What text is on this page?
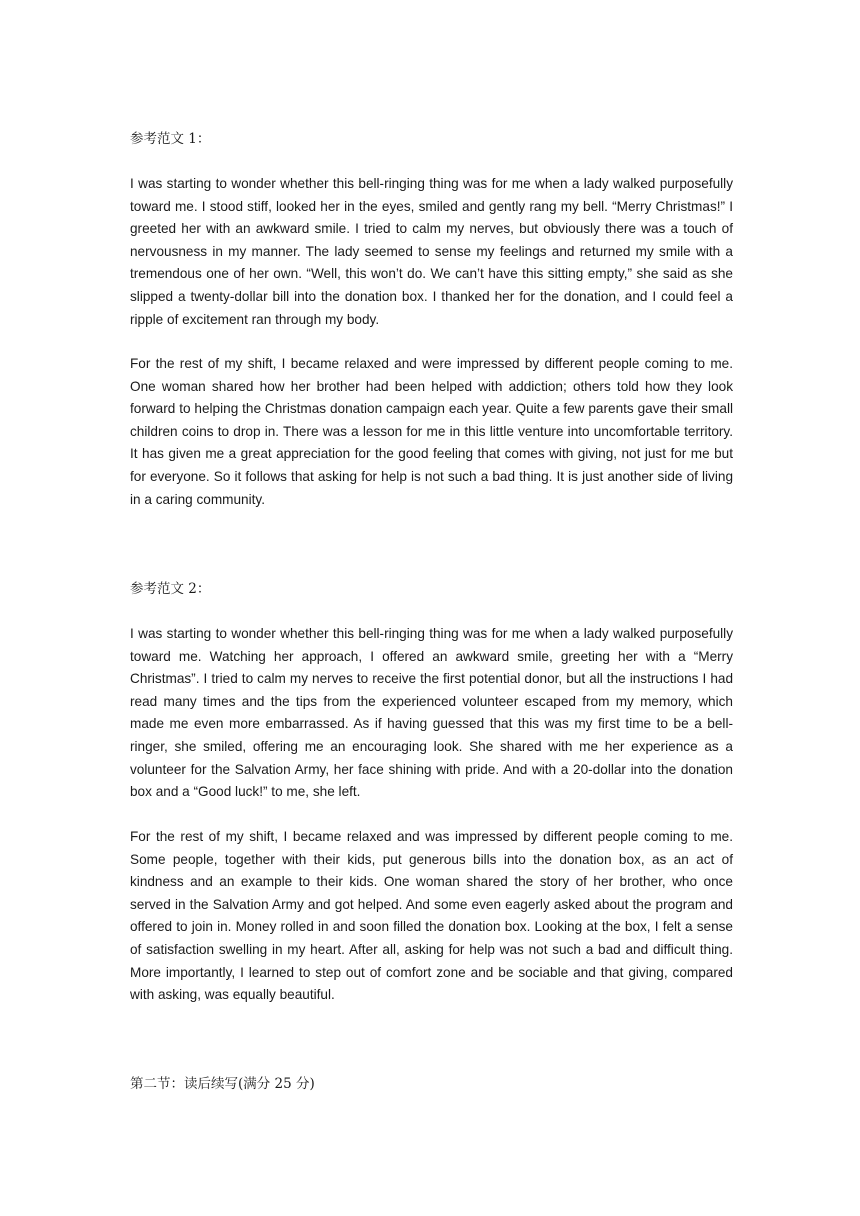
参考范文 1：

I was starting to wonder whether this bell-ringing thing was for me when a lady walked purposefully toward me. I stood stiff, looked her in the eyes, smiled and gently rang my bell. “Merry Christmas!” I greeted her with an awkward smile. I tried to calm my nerves, but obviously there was a touch of nervousness in my manner. The lady seemed to sense my feelings and returned my smile with a tremendous one of her own. “Well, this won’t do. We can’t have this sitting empty,” she said as she slipped a twenty-dollar bill into the donation box. I thanked her for the donation, and I could feel a ripple of excitement ran through my body.

For the rest of my shift, I became relaxed and were impressed by different people coming to me. One woman shared how her brother had been helped with addiction; others told how they look forward to helping the Christmas donation campaign each year. Quite a few parents gave their small children coins to drop in. There was a lesson for me in this little venture into uncomfortable territory. It has given me a great appreciation for the good feeling that comes with giving, not just for me but for everyone. So it follows that asking for help is not such a bad thing. It is just another side of living in a caring community.

参考范文 2：

I was starting to wonder whether this bell-ringing thing was for me when a lady walked purposefully toward me. Watching her approach, I offered an awkward smile, greeting her with a “Merry Christmas”. I tried to calm my nerves to receive the first potential donor, but all the instructions I had read many times and the tips from the experienced volunteer escaped from my memory, which made me even more embarrassed. As if having guessed that this was my first time to be a bell-ringer, she smiled, offering me an encouraging look. She shared with me her experience as a volunteer for the Salvation Army, her face shining with pride. And with a 20-dollar into the donation box and a “Good luck!” to me, she left.

For the rest of my shift, I became relaxed and was impressed by different people coming to me. Some people, together with their kids, put generous bills into the donation box, as an act of kindness and an example to their kids. One woman shared the story of her brother, who once served in the Salvation Army and got helped. And some even eagerly asked about the program and offered to join in. Money rolled in and soon filled the donation box. Looking at the box, I felt a sense of satisfaction swelling in my heart. After all, asking for help was not such a bad and difficult thing. More importantly, I learned to step out of comfort zone and be sociable and that giving, compared with asking, was equally beautiful.

第二节：读后续写(满分 25 分)
